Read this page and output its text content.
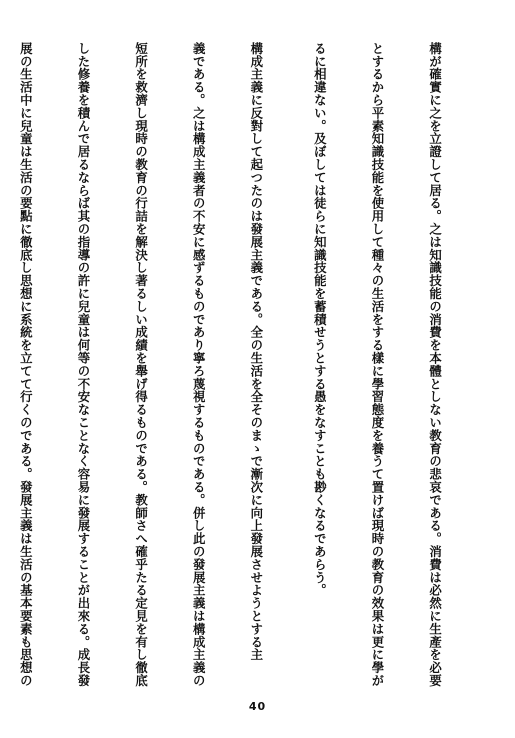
構が確實に之を立證して居る。之は知識技能の消費を本體としない教育の悲哀である。消費は必然に生產を必要

とするから平素知識技能を使用して種々の生活をする樣に學習態度を養うて置けば現時の教育の效果は更に學が

るに相違ない。及ぼしては徒らに知識技能を蓄積せうとする愚をなすことも尠くなるであらう。

構成主義に反對して起つたのは發展主義である。全の生活を全そのまゝで漸次に向上發展させようとする主

義である。之は構成主義者の不安に感ずるものであり寧ろ蔑視するものである。併し此の發展主義は構成主義の

短所を救濟し現時の教育の行詰を解決し著るしい成績を舉げ得るものである。教師さへ確乎たる定見を有し徹底

した修養を積んで居るならば其の指導の許に兒童は何等の不安なことなく容易に發展することが出來る。成長發

展の生活中に兒童は生活の要點に徹底し思想に系統を立てて行くのである。發展主義は生活の基本要素も思想の

40
